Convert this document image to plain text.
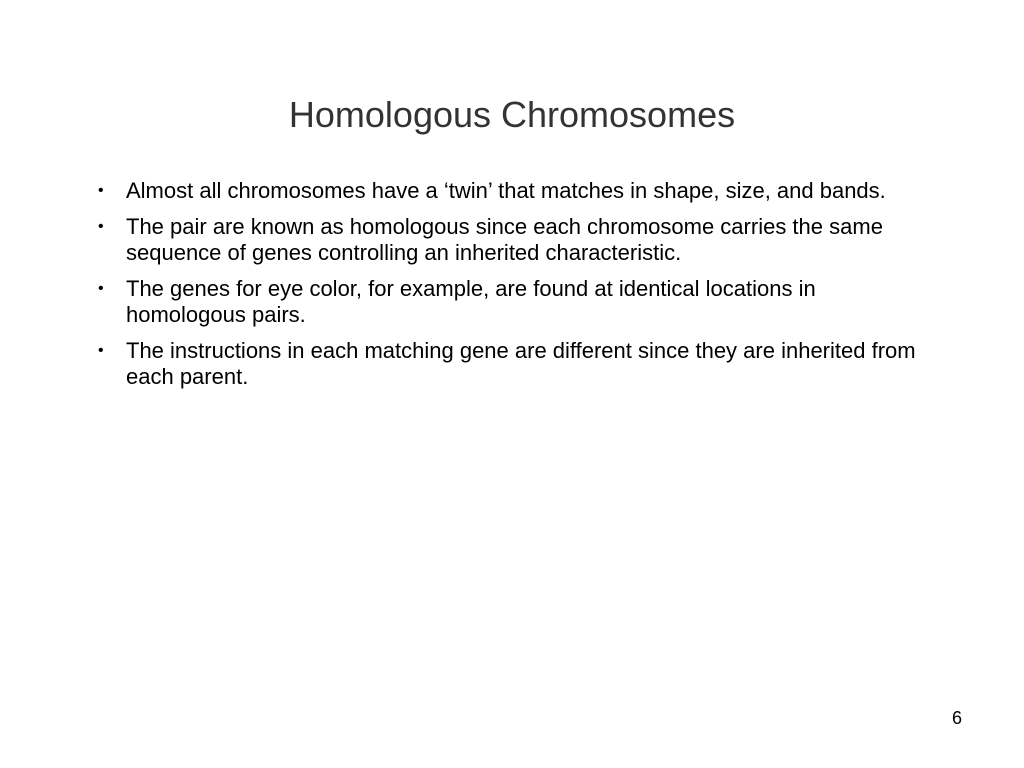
Homologous Chromosomes
•	Almost all chromosomes have a ‘twin’ that matches in shape, size, and bands.
•	The pair are known as homologous since each chromosome carries the same sequence of genes controlling an inherited characteristic.
•	The genes for eye color, for example, are found at identical locations in homologous pairs.
•	The instructions in each matching gene are different since they are inherited from each parent.
6
